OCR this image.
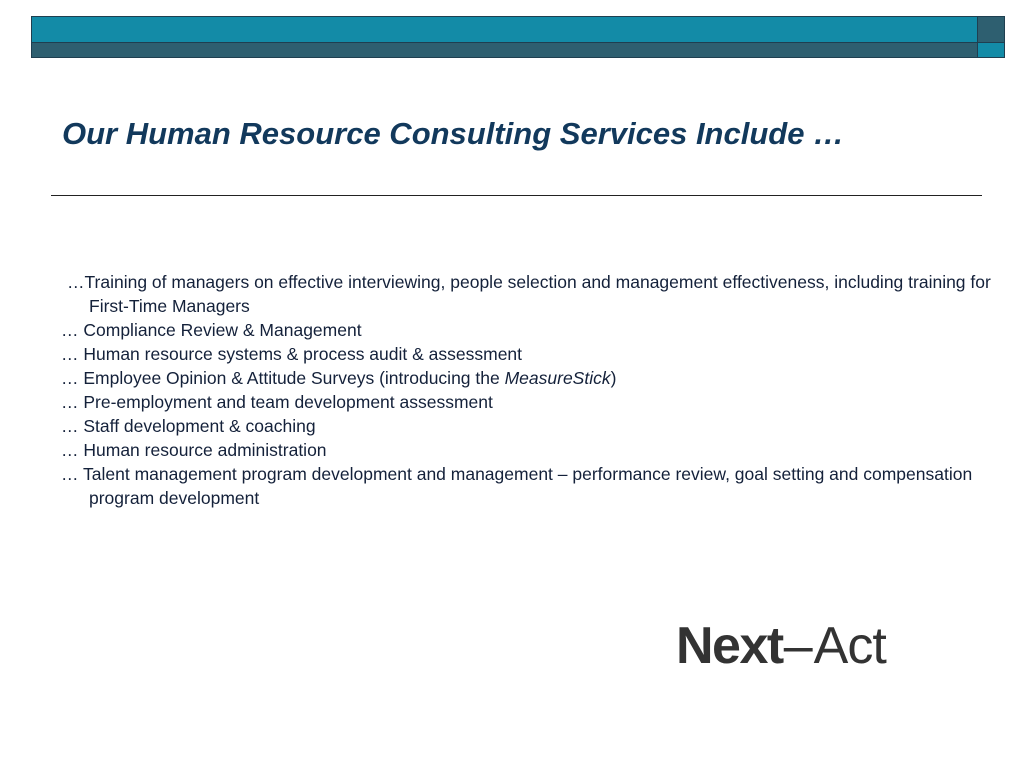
Our Human Resource Consulting Services Include …
…Training of managers on effective interviewing, people selection and management effectiveness, including training for First-Time Managers
… Compliance Review & Management
… Human resource systems & process audit & assessment
… Employee Opinion & Attitude Surveys (introducing the MeasureStick)
… Pre-employment and team development assessment
… Staff development & coaching
… Human resource administration
… Talent management program development and management – performance review, goal setting and compensation program development
Next–Act
